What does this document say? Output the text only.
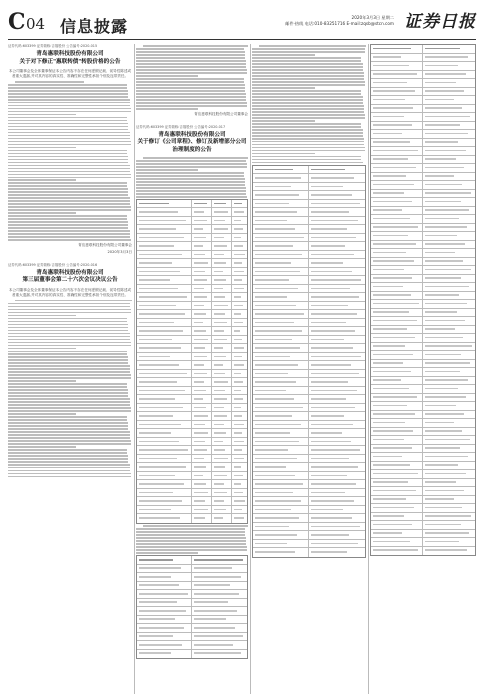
C 04 信息披露	2020年3月3日 星期二
邮件·热线 电话:010-83251716 E-mail:zqsb@stcn.com 证券日报
证券代码:603399 证券简称:吉翔股份 公告编号:2020-015
青岛惠联科技股份有限公司
关于对下修正"惠联转债"转股价格的公告
本公司董事会及全体董事保证本公告内容不存在任何虚假记载、误导性陈述或者重大遗漏,并对其内容的真实性、准确性和完整性承担个别及连带责任。
青岛惠联科技股份有限公司董事会
2020年3月3日
证券代码:603399 证券简称:吉翔股份 公告编号:2020-016
青岛惠联科技股份有限公司
第三届董事会第二十六次会议决议公告
本公司董事会及全体董事保证本公告内容不存在任何虚假记载、误导性陈述或者重大遗漏,并对其内容的真实性、准确性和完整性承担个别及连带责任。
青岛惠联科技股份有限公司董事会
证券代码:603399 证券简称:吉翔股份 公告编号:2020-017
青岛惠联科技股份有限公司
关于修订《公司章程》、修订及新增部分公司治理制度的公告
